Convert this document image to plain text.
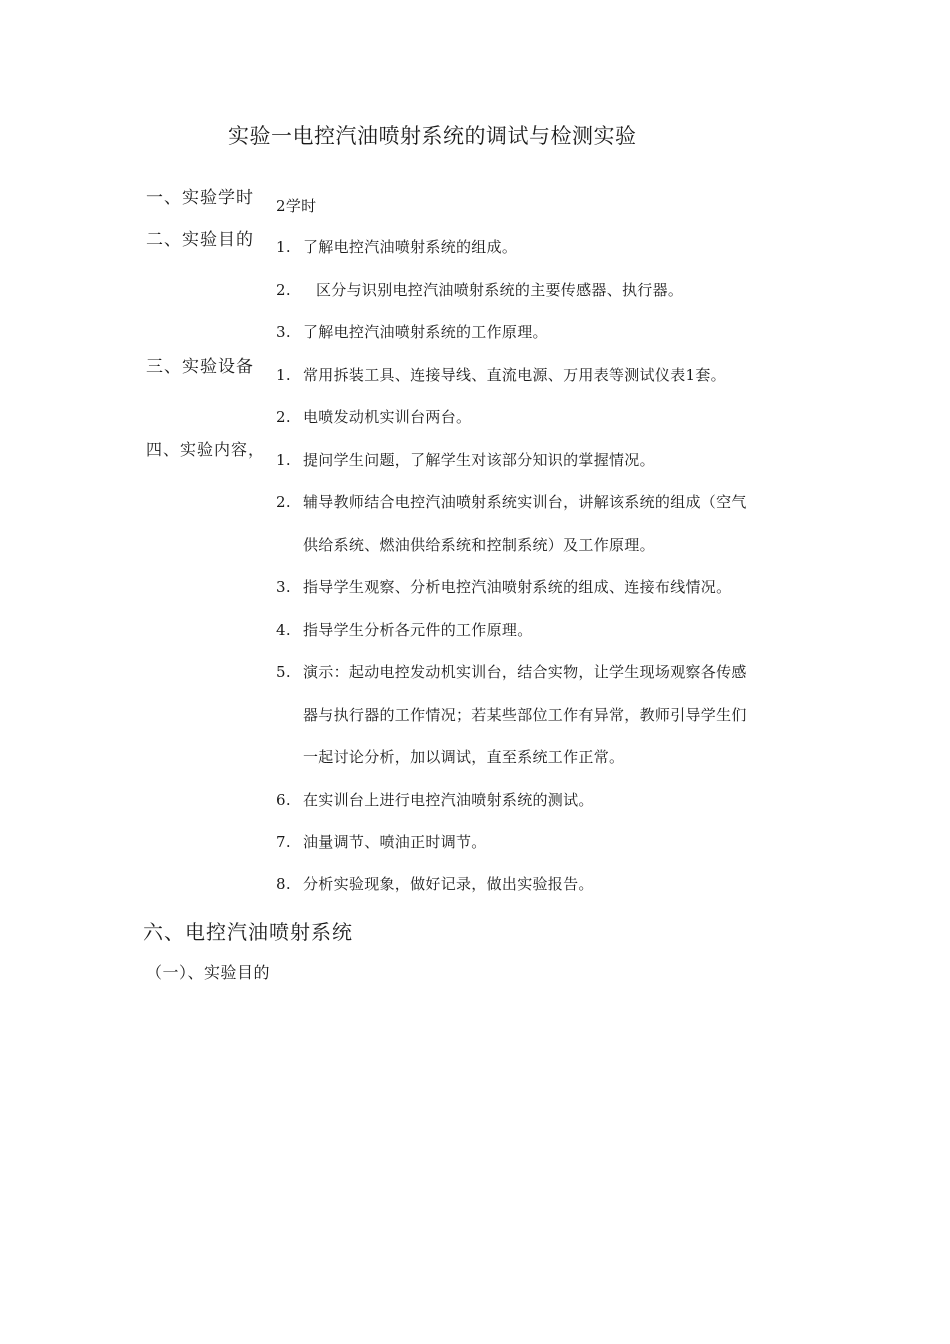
实验一电控汽油喷射系统的调试与检测实验
一、实验学时 2学时
二、实验目的 1. 了解电控汽油喷射系统的组成。
2. 区分与识别电控汽油喷射系统的主要传感器、执行器。
3. 了解电控汽油喷射系统的工作原理。
三、实验设备 1. 常用拆装工具、连接导线、直流电源、万用表等测试仪表1套。
2. 电喷发动机实训台两台。
四、实验内容，
1. 提问学生问题，了解学生对该部分知识的掌握情况。
2. 辅导教师结合电控汽油喷射系统实训台，讲解该系统的组成（空气
供给系统、燃油供给系统和控制系统）及工作原理。
3. 指导学生观察、分析电控汽油喷射系统的组成、连接布线情况。
4. 指导学生分析各元件的工作原理。
5. 演示：起动电控发动机实训台，结合实物，让学生现场观察各传感
器与执行器的工作情况；若某些部位工作有异常，教师引导学生们
一起讨论分析，加以调试，直至系统工作正常。
6. 在实训台上进行电控汽油喷射系统的测试。
7. 油量调节、喷油正时调节。
8. 分析实验现象，做好记录，做出实验报告。
六、电控汽油喷射系统
（一）、实验目的
